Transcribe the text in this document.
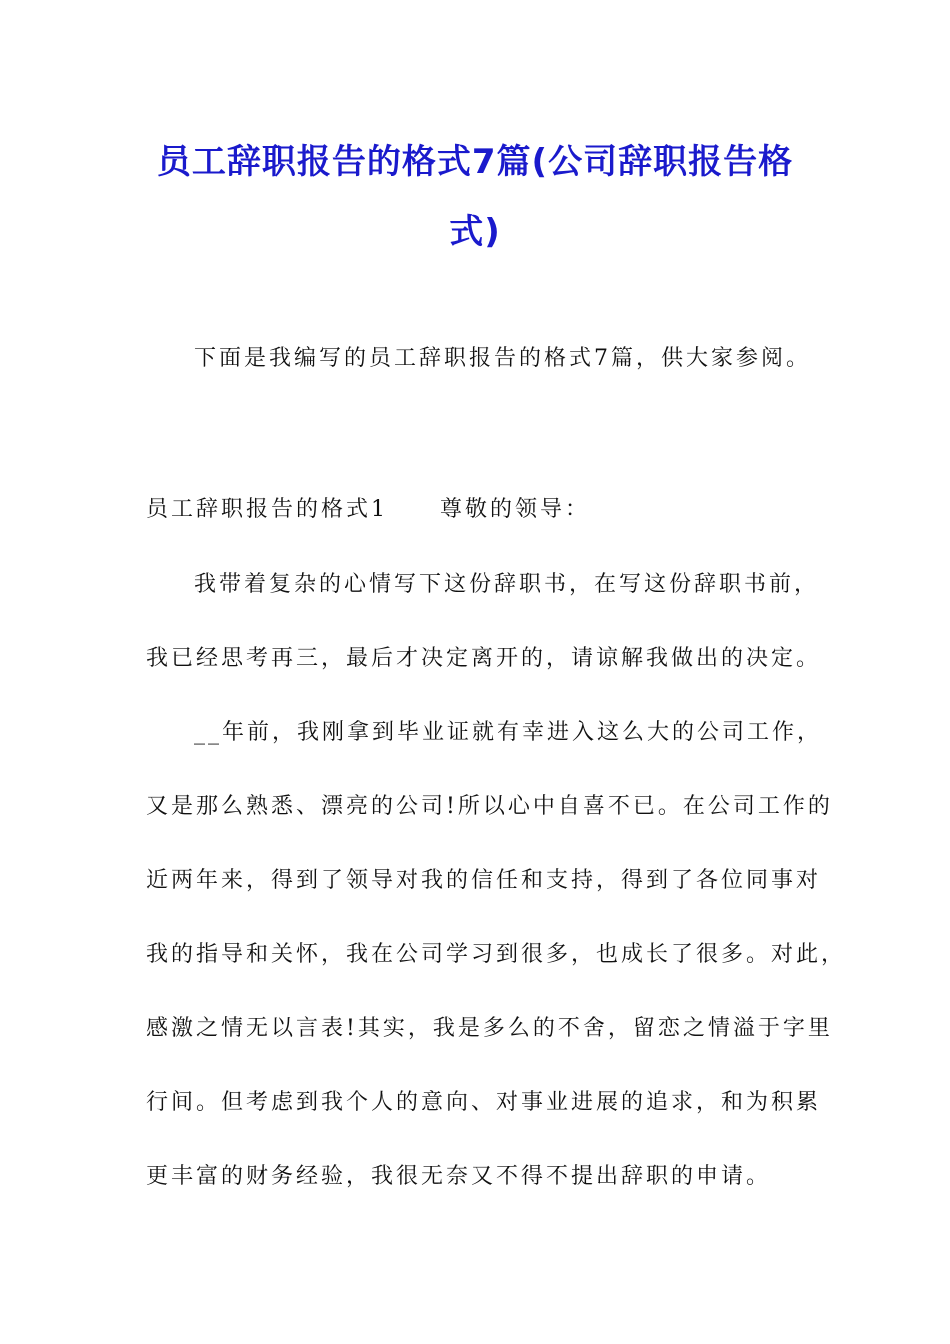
员工辞职报告的格式7篇(公司辞职报告格
式)
下面是我编写的员工辞职报告的格式7篇，供大家参阅。
员工辞职报告的格式1 尊敬的领导：
我带着复杂的心情写下这份辞职书，在写这份辞职书前，
我已经思考再三，最后才决定离开的，请谅解我做出的决定。
__年前，我刚拿到毕业证就有幸进入这么大的公司工作，
又是那么熟悉、漂亮的公司!所以心中自喜不已。在公司工作的
近两年来，得到了领导对我的信任和支持，得到了各位同事对
我的指导和关怀，我在公司学习到很多，也成长了很多。对此，
感激之情无以言表!其实，我是多么的不舍，留恋之情溢于字里
行间。但考虑到我个人的意向、对事业进展的追求，和为积累
更丰富的财务经验，我很无奈又不得不提出辞职的申请。
